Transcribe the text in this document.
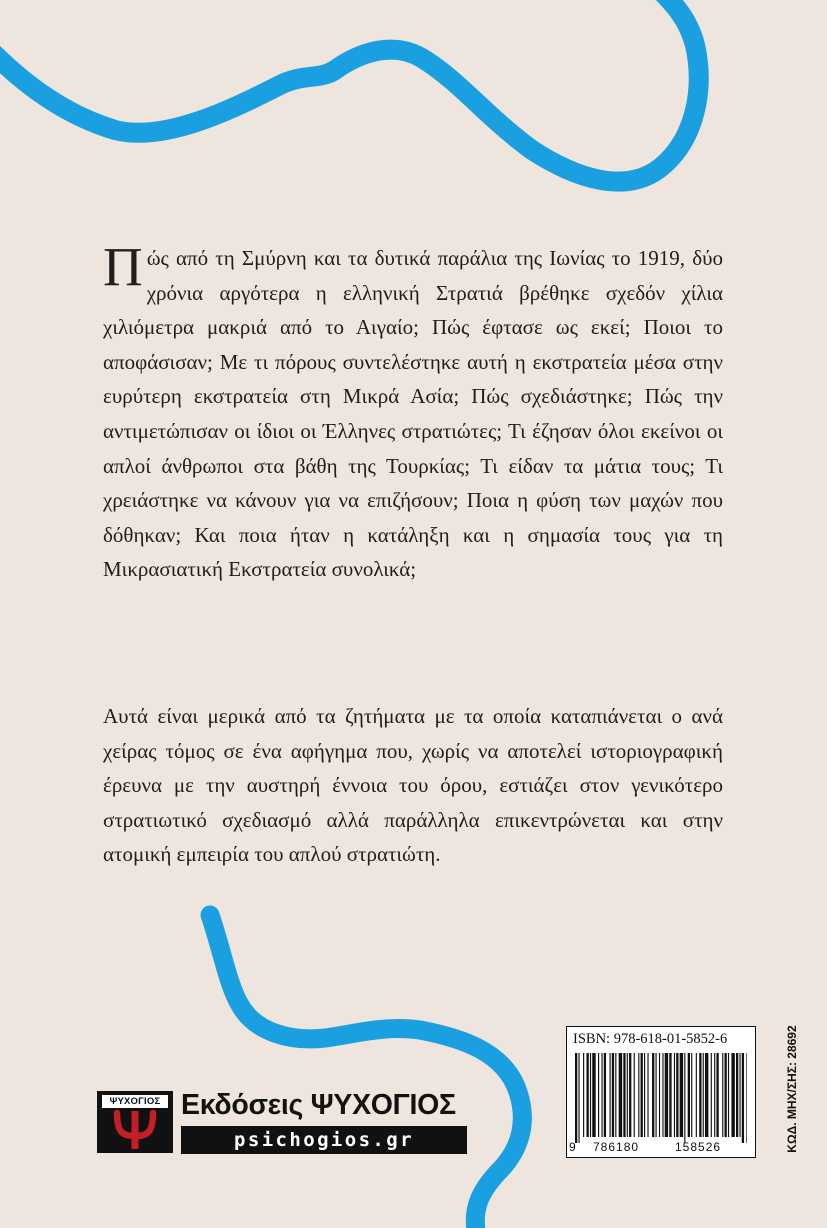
Πώς από τη Σμύρνη και τα δυτικά παράλια της Ιωνίας το 1919, δύο χρόνια αργότερα η ελληνική Στρατιά βρέθηκε σχεδόν χίλια χιλιόμετρα μακριά από το Αιγαίο; Πώς έφτασε ως εκεί; Ποιοι το αποφάσισαν; Με τι πόρους συντελέστηκε αυτή η εκστρατεία μέσα στην ευρύτερη εκστρατεία στη Μικρά Ασία; Πώς σχεδιάστηκε; Πώς την αντιμετώπισαν οι ίδιοι οι Έλληνες στρατιώτες; Τι έζησαν όλοι εκείνοι οι απλοί άνθρωποι στα βάθη της Τουρκίας; Τι είδαν τα μάτια τους; Τι χρειάστηκε να κάνουν για να επιζήσουν; Ποια η φύση των μαχών που δόθηκαν; Και ποια ήταν η κατάληξη και η σημασία τους για τη Μικρασιατική Εκστρατεία συνολικά;
Αυτά είναι μερικά από τα ζητήματα με τα οποία καταπιάνεται ο ανά χείρας τόμος σε ένα αφήγημα που, χωρίς να αποτελεί ιστοριογραφική έρευνα με την αυστηρή έννοια του όρου, εστιάζει στον γενικότερο στρατιωτικό σχεδιασμό αλλά παράλληλα επικεντρώνεται και στην ατομική εμπειρία του απλού στρατιώτη.
ΨΥΧΟΓΙΟΣ Εκδόσεις ΨΥΧΟΓΙΟΣ
psichogios.gr
ISBN: 978-618-01-5852-6
9 786180	158526	ΚΩΔ. ΜΗΧ/ΣΗΣ: 28692
